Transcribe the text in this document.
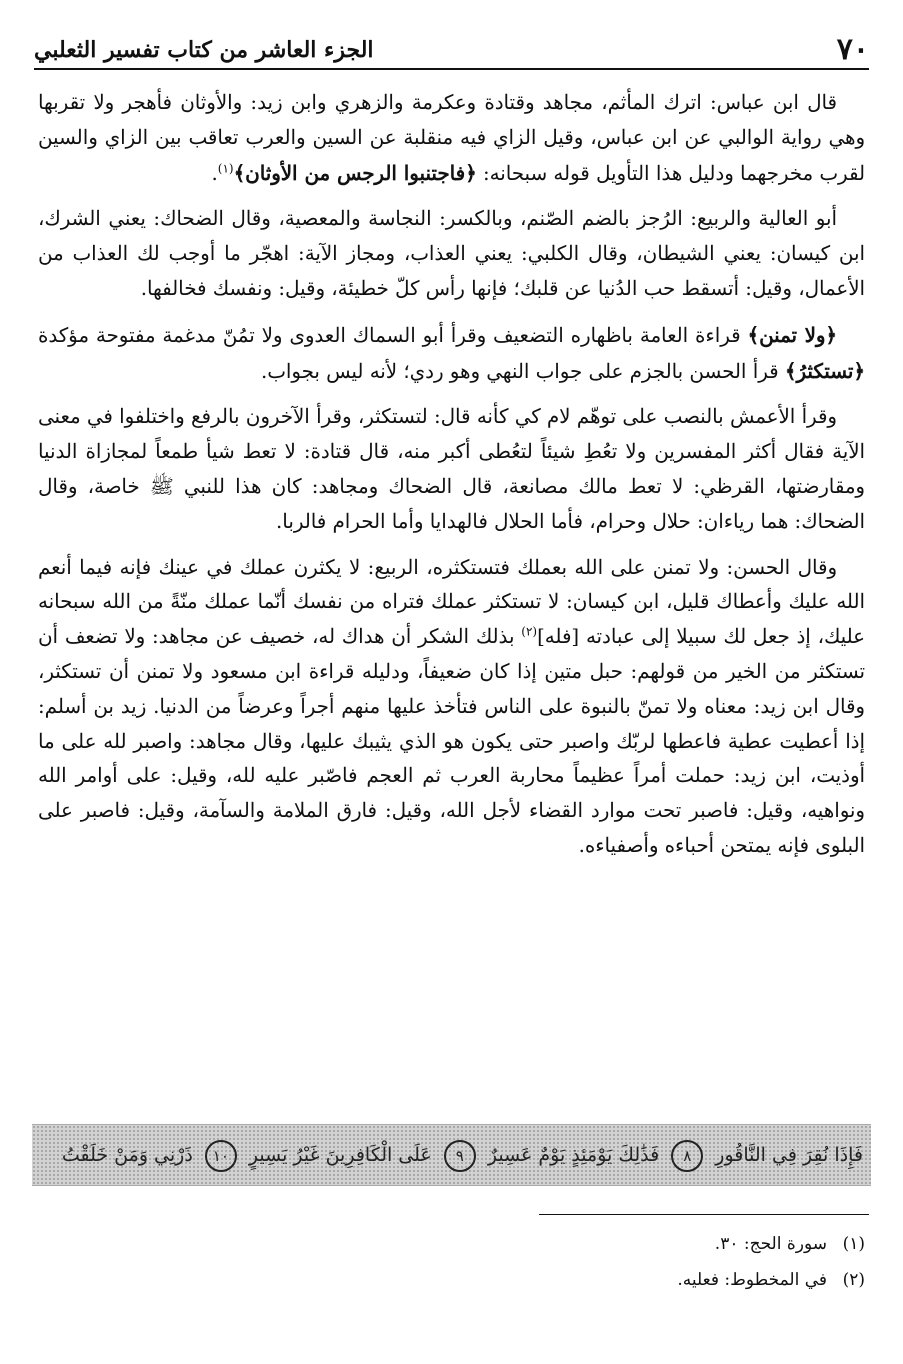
٧٠
الجزء العاشر من كتاب تفسير الثعلبي

قال ابن عباس: اترك المأثم، مجاهد وقتادة وعكرمة والزهري وابن زيد: والأوثان فأهجر ولا تقربها وهي رواية الوالبي عن ابن عباس، وقيل الزاي فيه منقلبة عن السين والعرب تعاقب بين الزاي والسين لقرب مخرجهما ودليل هذا التأويل قوله سبحانه: ﴿فاجتنبوا الرجس من الأوثان﴾$^{(١)}$.

أبو العالية والربيع: الرُجز بالضم الصّنم، وبالكسر: النجاسة والمعصية، وقال الضحاك: يعني الشرك، ابن كيسان: يعني الشيطان، وقال الكلبي: يعني العذاب، ومجاز الآية: اهجّر ما أوجب لك العذاب من الأعمال، وقيل: أتسقط حب الدُنيا عن قلبك؛ فإنها رأس كلّ خطيئة، وقيل: ونفسك فخالفها.

﴿ولا تمنن﴾ قراءة العامة باظهاره التضعيف وقرأ أبو السماك العدوى ولا تمُنّ مدغمة مفتوحة مؤكدة ﴿تستكثرُ﴾ قرأ الحسن بالجزم على جواب النهي وهو ردي؛ لأنه ليس بجواب.

وقرأ الأعمش بالنصب على توهّم لام كي كأنه قال: لتستكثر، وقرأ الآخرون بالرفع واختلفوا في معنى الآية فقال أكثر المفسرين ولا تعُطِ شيئاً لتعُطى أكبر منه، قال قتادة: لا تعط شيأ طمعاً لمجازاة الدنيا ومقارضتها، القرظي: لا تعط مالك مصانعة، قال الضحاك ومجاهد: كان هذا للنبي ﷺ خاصة، وقال الضحاك: هما رياءان: حلال وحرام، فأما الحلال فالهدايا وأما الحرام فالربا.

وقال الحسن: ولا تمنن على الله بعملك فتستكثره، الربيع: لا يكثرن عملك في عينك فإنه فيما أنعم الله عليك وأعطاك قليل، ابن كيسان: لا تستكثر عملك فتراه من نفسك أنّما عملك منّةً من الله سبحانه عليك، إذ جعل لك سبيلا إلى عبادته [فله]$^{(٢)}$ بذلك الشكر أن هداك له، خصيف عن مجاهد: ولا تضعف أن تستكثر من الخير من قولهم: حبل متين إذا كان ضعيفاً، ودليله قراءة ابن مسعود ولا تمنن أن تستكثر، وقال ابن زيد: معناه ولا تمنّ بالنبوة على الناس فتأخذ عليها منهم أجراً وعرضاً من الدنيا. زيد بن أسلم: إذا أعطيت عطية فاعطها لربّك واصبر حتى يكون هو الذي يثيبك عليها، وقال مجاهد: واصبر لله على ما أوذيت، ابن زيد: حملت أمراً عظيماً محاربة العرب ثم العجم فاصّبر عليه لله، وقيل: على أوامر الله ونواهيه، وقيل: فاصبر تحت موارد القضاء لأجل الله، وقيل: فارق الملامة والسآمة، وقيل: فاصبر على البلوى فإنه يمتحن أحباءه وأصفياءه.

فَإِذَا نُقِرَ فِي النَّاقُورِ ٨ فَذَٰلِكَ يَوْمَئِذٍ يَوْمٌ عَسِيرٌ ٩ عَلَى الْكَافِرِينَ غَيْرُ يَسِيرٍ ١٠ ذَرْنِي وَمَنْ خَلَقْتُ
(١)سورة الحج: ٣٠.
(٢)في المخطوط: فعليه.
